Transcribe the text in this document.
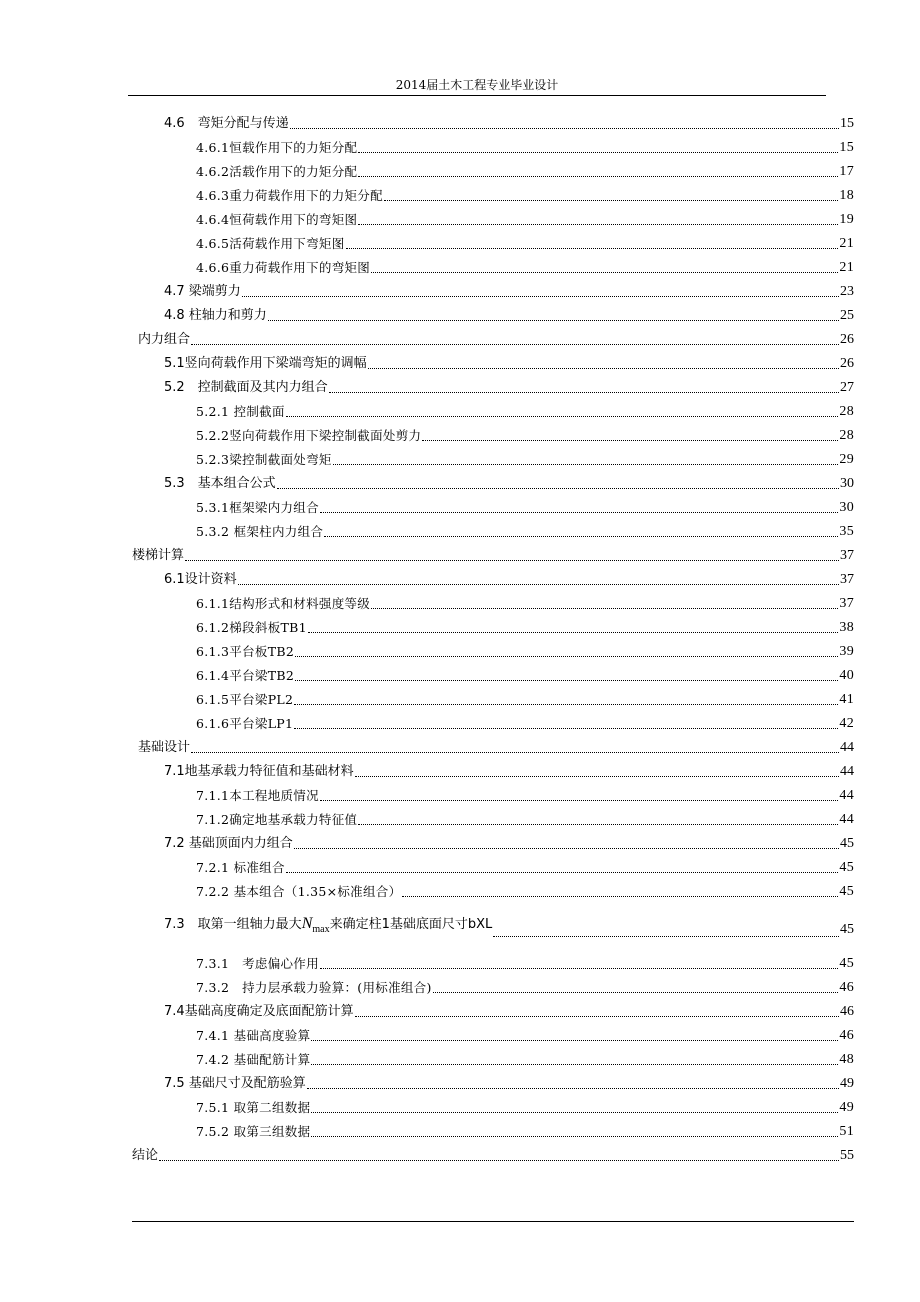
2014届土木工程专业毕业设计
4.6　弯矩分配与传递	15
4.6.1恒载作用下的力矩分配	15
4.6.2活载作用下的力矩分配	17
4.6.3重力荷载作用下的力矩分配	18
4.6.4恒荷载作用下的弯矩图	19
4.6.5活荷载作用下弯矩图	21
4.6.6重力荷载作用下的弯矩图	21
4.7 梁端剪力	23
4.8 柱轴力和剪力	25
内力组合	26
5.1竖向荷载作用下梁端弯矩的调幅	26
5.2　控制截面及其内力组合	27
5.2.1 控制截面	28
5.2.2竖向荷载作用下梁控制截面处剪力	28
5.2.3梁控制截面处弯矩	29
5.3　基本组合公式	30
5.3.1框架梁内力组合	30
5.3.2 框架柱内力组合	35
楼梯计算	37
6.1设计资料	37
6.1.1结构形式和材料强度等级	37
6.1.2梯段斜板TB1	38
6.1.3平台板TB2	39
6.1.4平台梁TB2	40
6.1.5平台梁PL2	41
6.1.6平台梁LP1	42
基础设计	44
7.1地基承载力特征值和基础材料	44
7.1.1本工程地质情况	44
7.1.2确定地基承载力特征值	44
7.2 基础顶面内力组合	45
7.2.1 标准组合	45
7.2.2 基本组合（1.35×标准组合）	45
7.3　取第一组轴力最大$N_{max}$来确定柱1基础底面尺寸bXL	45
7.3.1　考虑偏心作用	45
7.3.2　持力层承载力验算：(用标准组合)	46
7.4基础高度确定及底面配筋计算	46
7.4.1 基础高度验算	46
7.4.2 基础配筋计算	48
7.5 基础尺寸及配筋验算	49
7.5.1 取第二组数据	49
7.5.2 取第三组数据	51
结论	55
